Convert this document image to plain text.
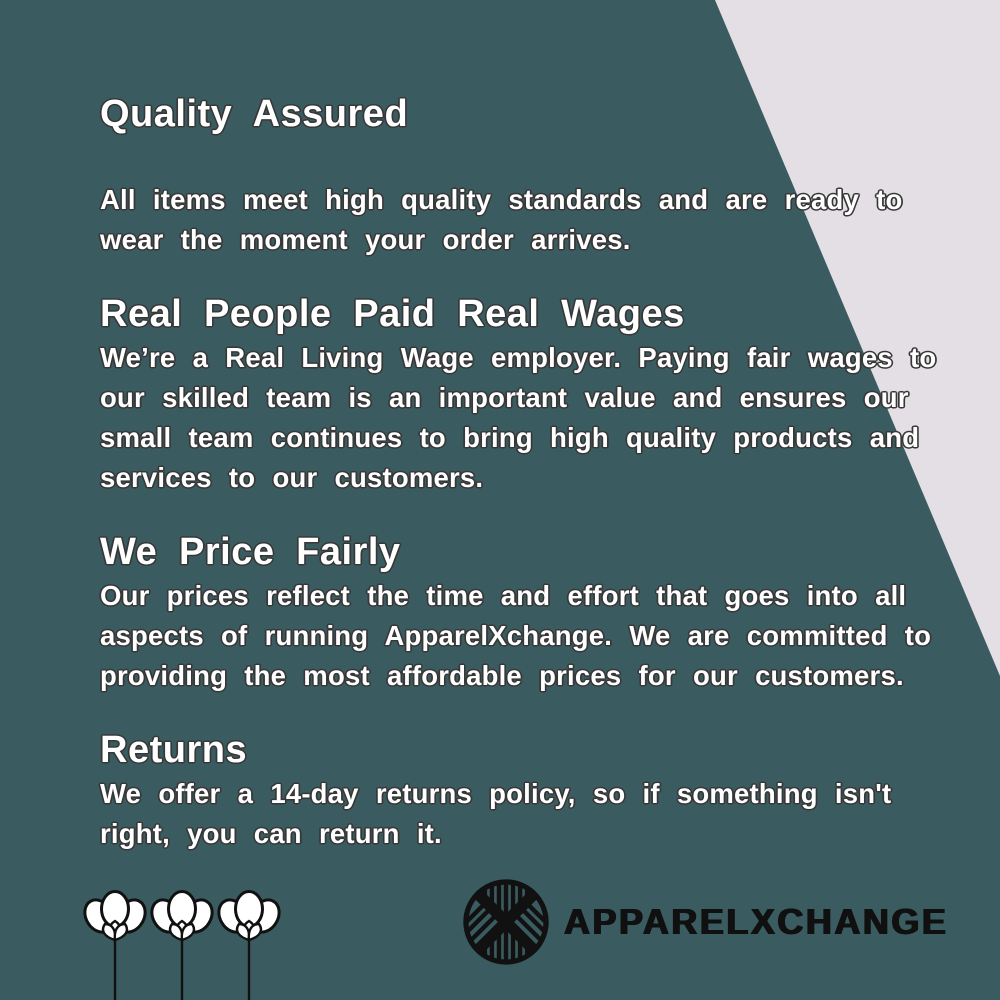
Quality Assured

All items meet high quality standards and are ready to wear the moment your order arrives.

Real People Paid Real Wages

We’re a Real Living Wage employer. Paying fair wages to our skilled team is an important value and ensures our small team continues to bring high quality products and services to our customers.

We Price Fairly

Our prices reflect the time and effort that goes into all aspects of running ApparelXchange. We are committed to providing the most affordable prices for our customers.

Returns

We offer a 14-day returns policy, so if something isn't right, you can return it.

APPARELXCHANGE
